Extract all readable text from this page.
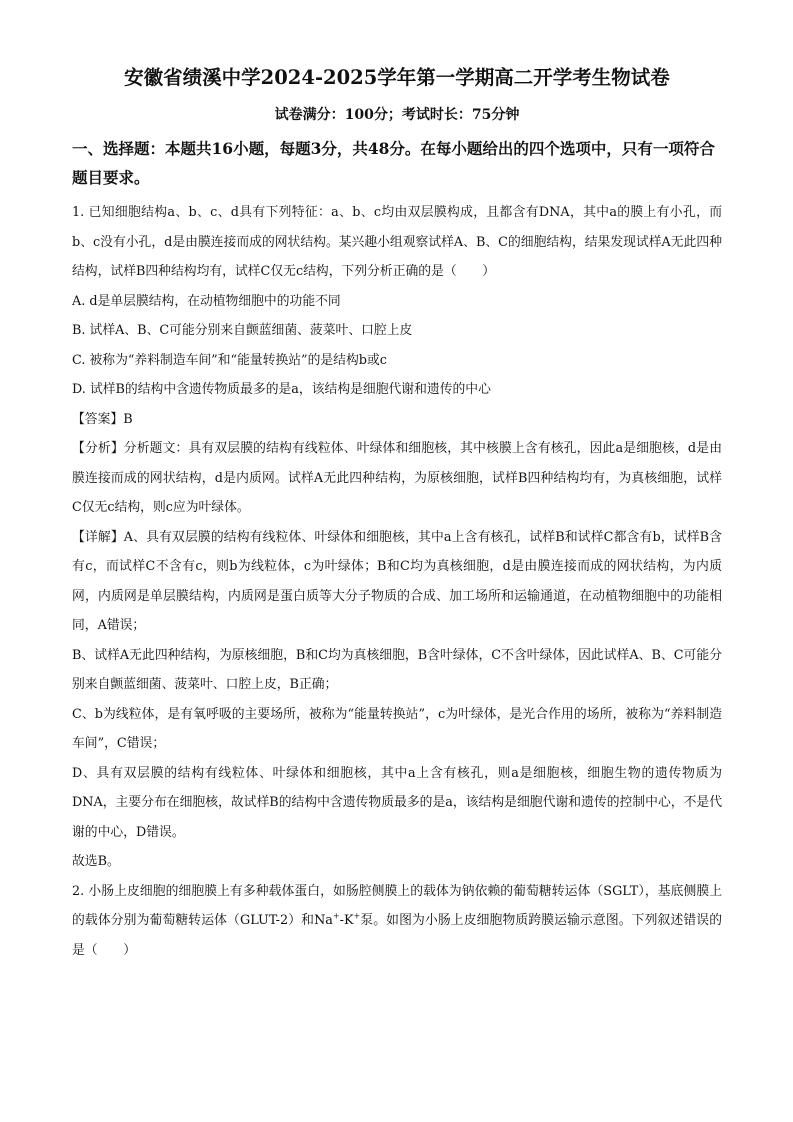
安徽省绩溪中学2024-2025学年第一学期高二开学考生物试卷
试卷满分：100分；考试时长：75分钟
一、选择题：本题共16小题，每题3分，共48分。在每小题给出的四个选项中，只有一项符合题目要求。

1. 已知细胞结构a、b、c、d具有下列特征：a、b、c均由双层膜构成，且都含有DNA，其中a的膜上有小孔，而b、c没有小孔，d是由膜连接而成的网状结构。某兴趣小组观察试样A、B、C的细胞结构，结果发现试样A无此四种结构，试样B四种结构均有，试样C仅无c结构，下列分析正确的是（　　）

A. d是单层膜结构，在动植物细胞中的功能不同

B. 试样A、B、C可能分别来自颤蓝细菌、菠菜叶、口腔上皮

C. 被称为“养料制造车间”和“能量转换站”的是结构b或c

D. 试样B的结构中含遗传物质最多的是a，该结构是细胞代谢和遗传的中心

【答案】B

【分析】分析题文：具有双层膜的结构有线粒体、叶绿体和细胞核，其中核膜上含有核孔，因此a是细胞核，d是由膜连接而成的网状结构，d是内质网。试样A无此四种结构，为原核细胞，试样B四种结构均有，为真核细胞，试样C仅无c结构，则c应为叶绿体。

【详解】A、具有双层膜的结构有线粒体、叶绿体和细胞核，其中a上含有核孔，试样B和试样C都含有b，试样B含有c，而试样C不含有c，则b为线粒体，c为叶绿体；B和C均为真核细胞，d是由膜连接而成的网状结构，为内质网，内质网是单层膜结构，内质网是蛋白质等大分子物质的合成、加工场所和运输通道，在动植物细胞中的功能相同，A错误；

B、试样A无此四种结构，为原核细胞，B和C均为真核细胞，B含叶绿体，C不含叶绿体，因此试样A、B、C可能分别来自颤蓝细菌、菠菜叶、口腔上皮，B正确；

C、b为线粒体，是有氧呼吸的主要场所，被称为“能量转换站”，c为叶绿体，是光合作用的场所，被称为“养料制造车间”，C错误；

D、具有双层膜的结构有线粒体、叶绿体和细胞核，其中a上含有核孔，则a是细胞核，细胞生物的遗传物质为DNA，主要分布在细胞核，故试样B的结构中含遗传物质最多的是a，该结构是细胞代谢和遗传的控制中心，不是代谢的中心，D错误。

故选B。

2. 小肠上皮细胞的细胞膜上有多种载体蛋白，如肠腔侧膜上的载体为钠依赖的葡萄糖转运体（SGLT），基底侧膜上的载体分别为葡萄糖转运体（GLUT-2）和Na+-K+泵。如图为小肠上皮细胞物质跨膜运输示意图。下列叙述错误的是（　　）
